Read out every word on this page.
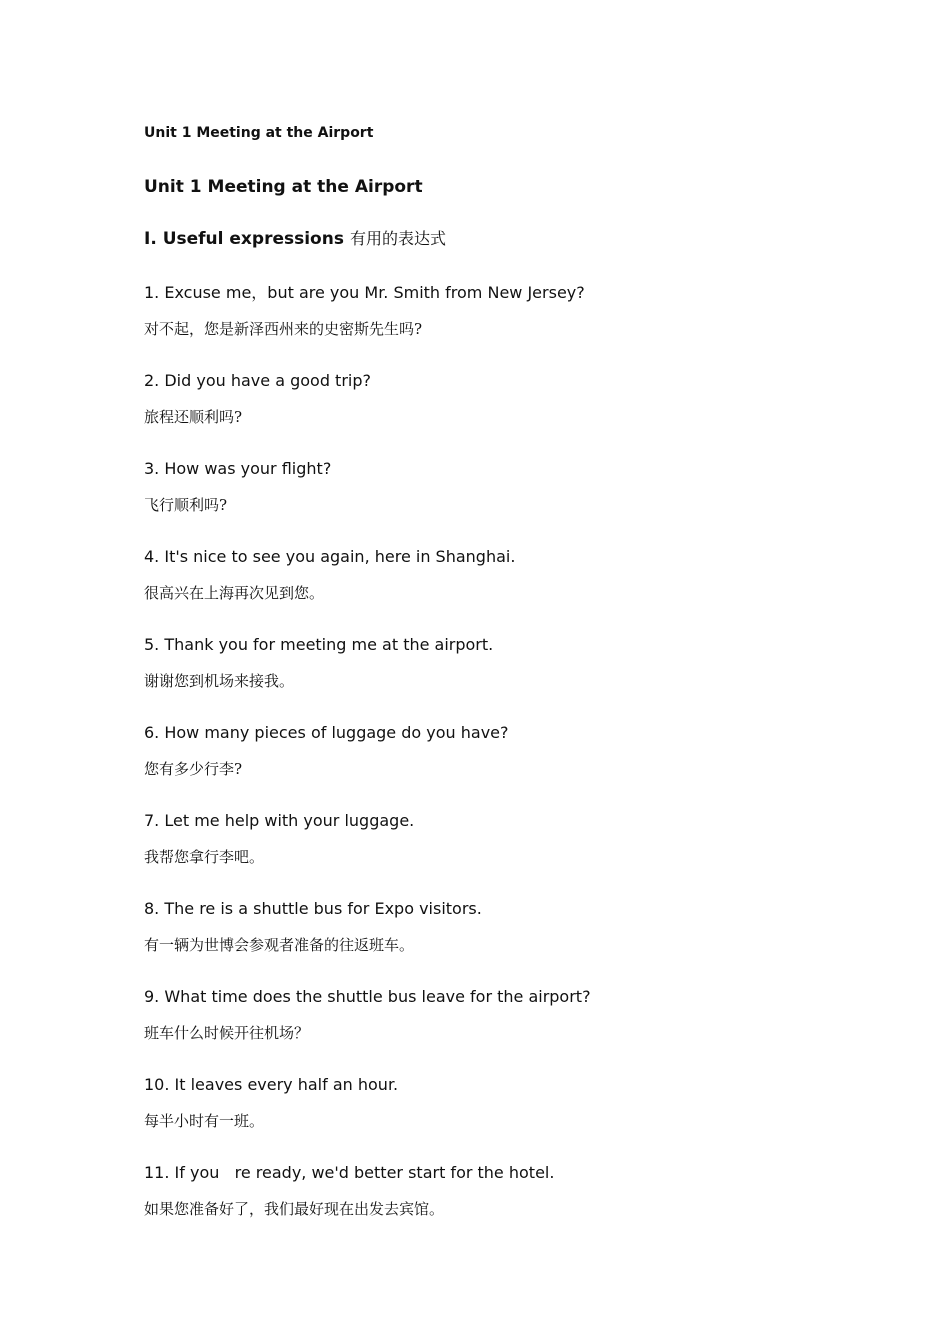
Unit 1 Meeting at the Airport
Unit 1 Meeting at the Airport
I. Useful expressions 有用的表达式
1. Excuse me，but are you Mr. Smith from New Jersey?
对不起，您是新泽西州来的史密斯先生吗?
2. Did you have a good trip?
旅程还顺利吗?
3. How was your flight?
飞行顺利吗?
4. It's nice to see you again, here in Shanghai.
很高兴在上海再次见到您。
5. Thank you for meeting me at the airport.
谢谢您到机场来接我。
6. How many pieces of luggage do you have?
您有多少行李?
7. Let me help with your luggage.
我帮您拿行李吧。
8. The re is a shuttle bus for Expo visitors.
有一辆为世博会参观者准备的往返班车。
9. What time does the shuttle bus leave for the airport?
班车什么时候开往机场？
10. It leaves every half an hour.
每半小时有一班。
11. If you   re ready, we'd better start for the hotel.
如果您准备好了，我们最好现在出发去宾馆。
